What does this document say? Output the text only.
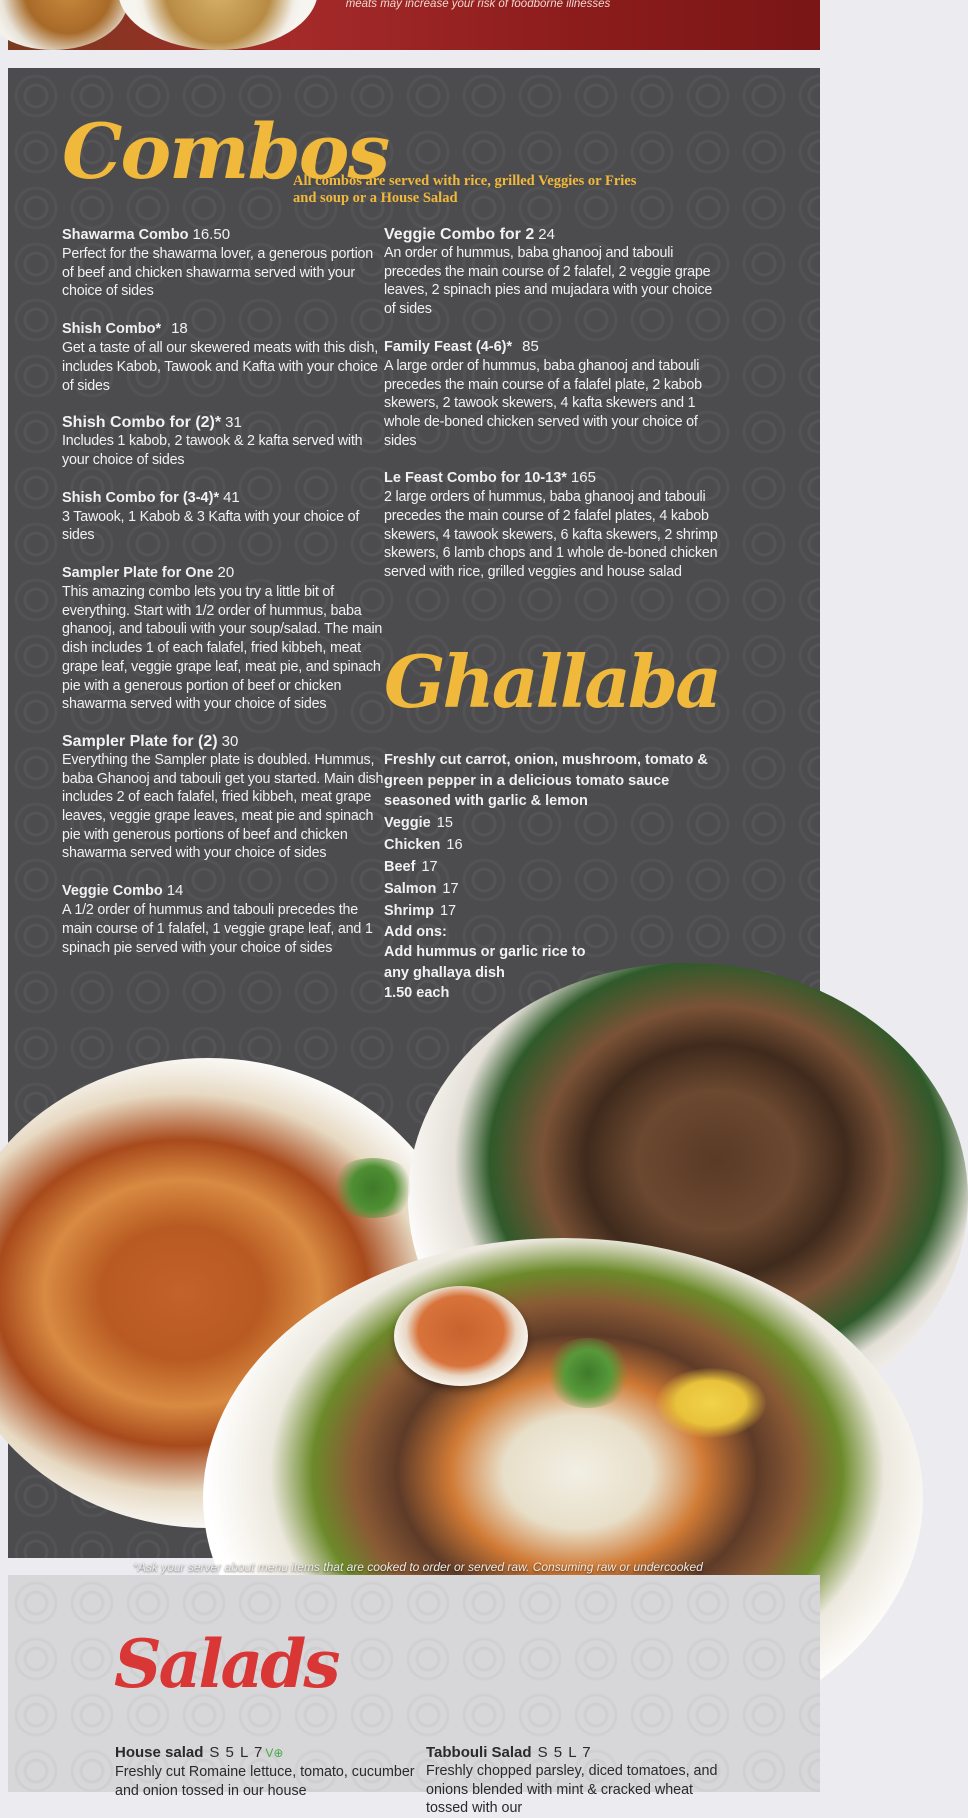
meats may increase your risk of foodborne illnesses
Combos
All combos are served with rice, grilled Veggies or Fries
and soup or a House Salad
Shawarma Combo 16.50
Perfect for the shawarma lover, a generous portion of beef and chicken shawarma served with your choice of sides
Shish Combo* 18
Get a taste of all our skewered meats with this dish, includes Kabob, Tawook and Kafta with your choice of sides
Shish Combo for (2)* 31
Includes 1 kabob, 2 tawook & 2 kafta served with your choice of sides
Shish Combo for (3-4)* 41
3 Tawook, 1 Kabob & 3 Kafta with your choice of sides
Sampler Plate for One 20
This amazing combo lets you try a little bit of everything. Start with 1/2 order of hummus, baba ghanooj, and tabouli with your soup/salad. The main dish includes 1 of each falafel, fried kibbeh, meat grape leaf, veggie grape leaf, meat pie, and spinach pie with a generous portion of beef or chicken shawarma served with your choice of sides
Sampler Plate for (2) 30
Everything the Sampler plate is doubled. Hummus, baba Ghanooj and tabouli get you started. Main dish includes 2 of each falafel, fried kibbeh, meat grape leaves, veggie grape leaves, meat pie and spinach pie with generous portions of beef and chicken shawarma served with your choice of sides
Veggie Combo 14
A 1/2 order of hummus and tabouli precedes the main course of 1 falafel, 1 veggie grape leaf, and 1 spinach pie served with your choice of sides
Veggie Combo for 2 24
An order of hummus, baba ghanooj and tabouli precedes the main course of 2 falafel, 2 veggie grape leaves, 2 spinach pies and mujadara with your choice of sides
Family Feast (4-6)* 85
A large order of hummus, baba ghanooj and tabouli precedes the main course of a falafel plate, 2 kabob skewers, 2 tawook skewers, 4 kafta skewers and 1 whole de-boned chicken served with your choice of sides
Le Feast Combo for 10-13* 165
2 large orders of hummus, baba ghanooj and tabouli precedes the main course of 2 falafel plates, 4 kabob skewers, 4 tawook skewers, 6 kafta skewers, 2 shrimp skewers, 6 lamb chops and 1 whole de-boned chicken served with rice, grilled veggies and house salad
Ghallaba
Freshly cut carrot, onion, mushroom, tomato & green pepper in a delicious tomato sauce seasoned with garlic & lemon
Veggie 15
Chicken 16
Beef 17
Salmon 17
Shrimp 17
Add ons:
Add hummus or garlic rice to
any ghallaya dish
1.50 each
*Ask your server about menu items that are cooked to order or served raw. Consuming raw or undercooked
Salads
House salad S 5 L 7 V⊕
Freshly cut Romaine lettuce, tomato, cucumber and onion tossed in our house
Tabbouli Salad S 5 L 7
Freshly chopped parsley, diced tomatoes, and onions blended with mint & cracked wheat tossed with our
